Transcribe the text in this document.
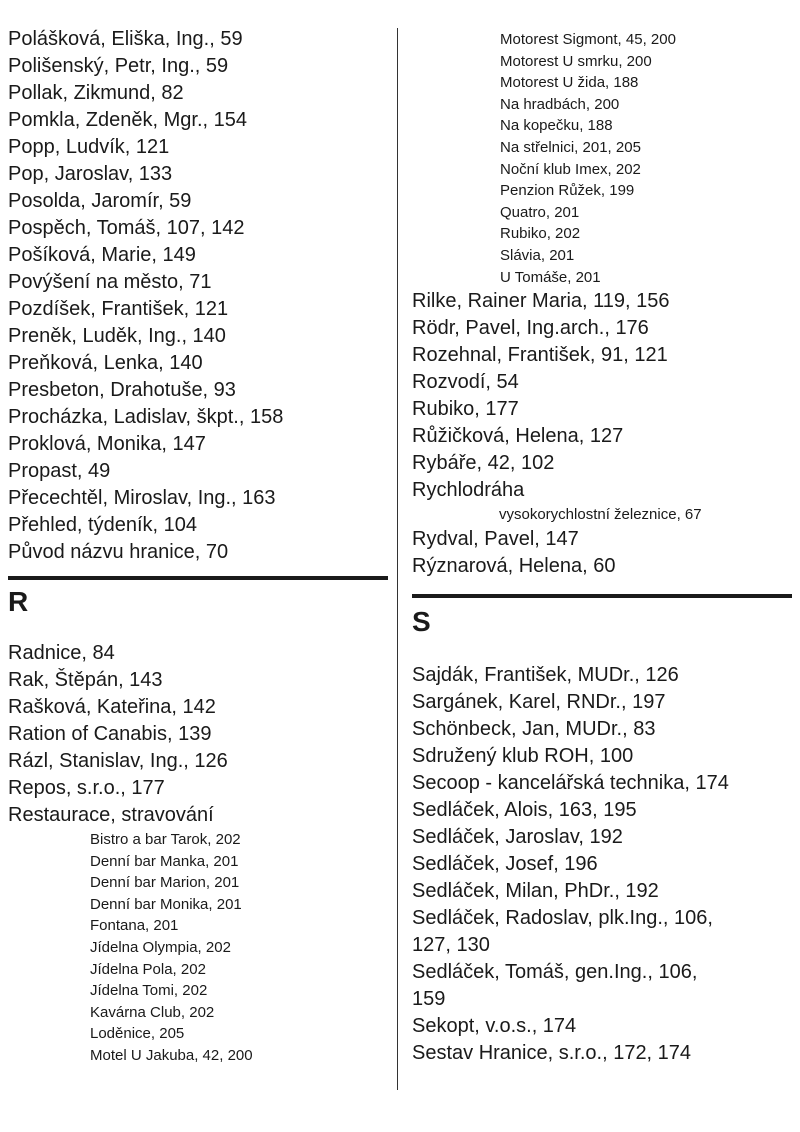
Polášková, Eliška, Ing., 59
Polišenský, Petr, Ing., 59
Pollak, Zikmund, 82
Pomkla, Zdeněk, Mgr., 154
Popp, Ludvík, 121
Pop, Jaroslav, 133
Posolda, Jaromír, 59
Pospěch, Tomáš, 107, 142
Pošíková, Marie, 149
Povýšení na město, 71
Pozdíšek, František, 121
Preněk, Luděk, Ing., 140
Preňková, Lenka, 140
Presbeton, Drahotuše, 93
Procházka, Ladislav, škpt., 158
Proklová, Monika, 147
Propast, 49
Přecechtěl, Miroslav, Ing., 163
Přehled, týdeník, 104
Původ názvu hranice, 70
R
Radnice, 84
Rak, Štěpán, 143
Rašková, Kateřina, 142
Ration of Canabis, 139
Rázl, Stanislav, Ing., 126
Repos, s.r.o., 177
Restaurace, stravování
Bistro a bar Tarok, 202
Denní bar Manka, 201
Denní bar Marion, 201
Denní bar Monika, 201
Fontana, 201
Jídelna Olympia, 202
Jídelna Pola, 202
Jídelna Tomi, 202
Kavárna Club, 202
Loděnice, 205
Motel U Jakuba, 42, 200
Motorest Sigmont, 45, 200
Motorest U smrku, 200
Motorest U žida, 188
Na hradbách, 200
Na kopečku, 188
Na střelnici, 201, 205
Noční klub Imex, 202
Penzion Růžek, 199
Quatro, 201
Rubiko, 202
Slávia, 201
U Tomáše, 201
Rilke, Rainer Maria, 119, 156
Rödr, Pavel, Ing.arch., 176
Rozehnal, František, 91, 121
Rozvodí, 54
Rubiko, 177
Růžičková, Helena, 127
Rybáře, 42, 102
Rychlodráha
vysokorychlostní železnice, 67
Rydval, Pavel, 147
Rýznarová, Helena, 60
S
Sajdák, František, MUDr., 126
Sargánek, Karel, RNDr., 197
Schönbeck, Jan, MUDr., 83
Sdružený klub ROH, 100
Secoop - kancelářská technika, 174
Sedláček, Alois, 163, 195
Sedláček, Jaroslav, 192
Sedláček, Josef, 196
Sedláček, Milan, PhDr., 192
Sedláček, Radoslav, plk.Ing., 106,
127, 130
Sedláček, Tomáš, gen.Ing., 106,
159
Sekopt, v.o.s., 174
Sestav Hranice, s.r.o., 172, 174
